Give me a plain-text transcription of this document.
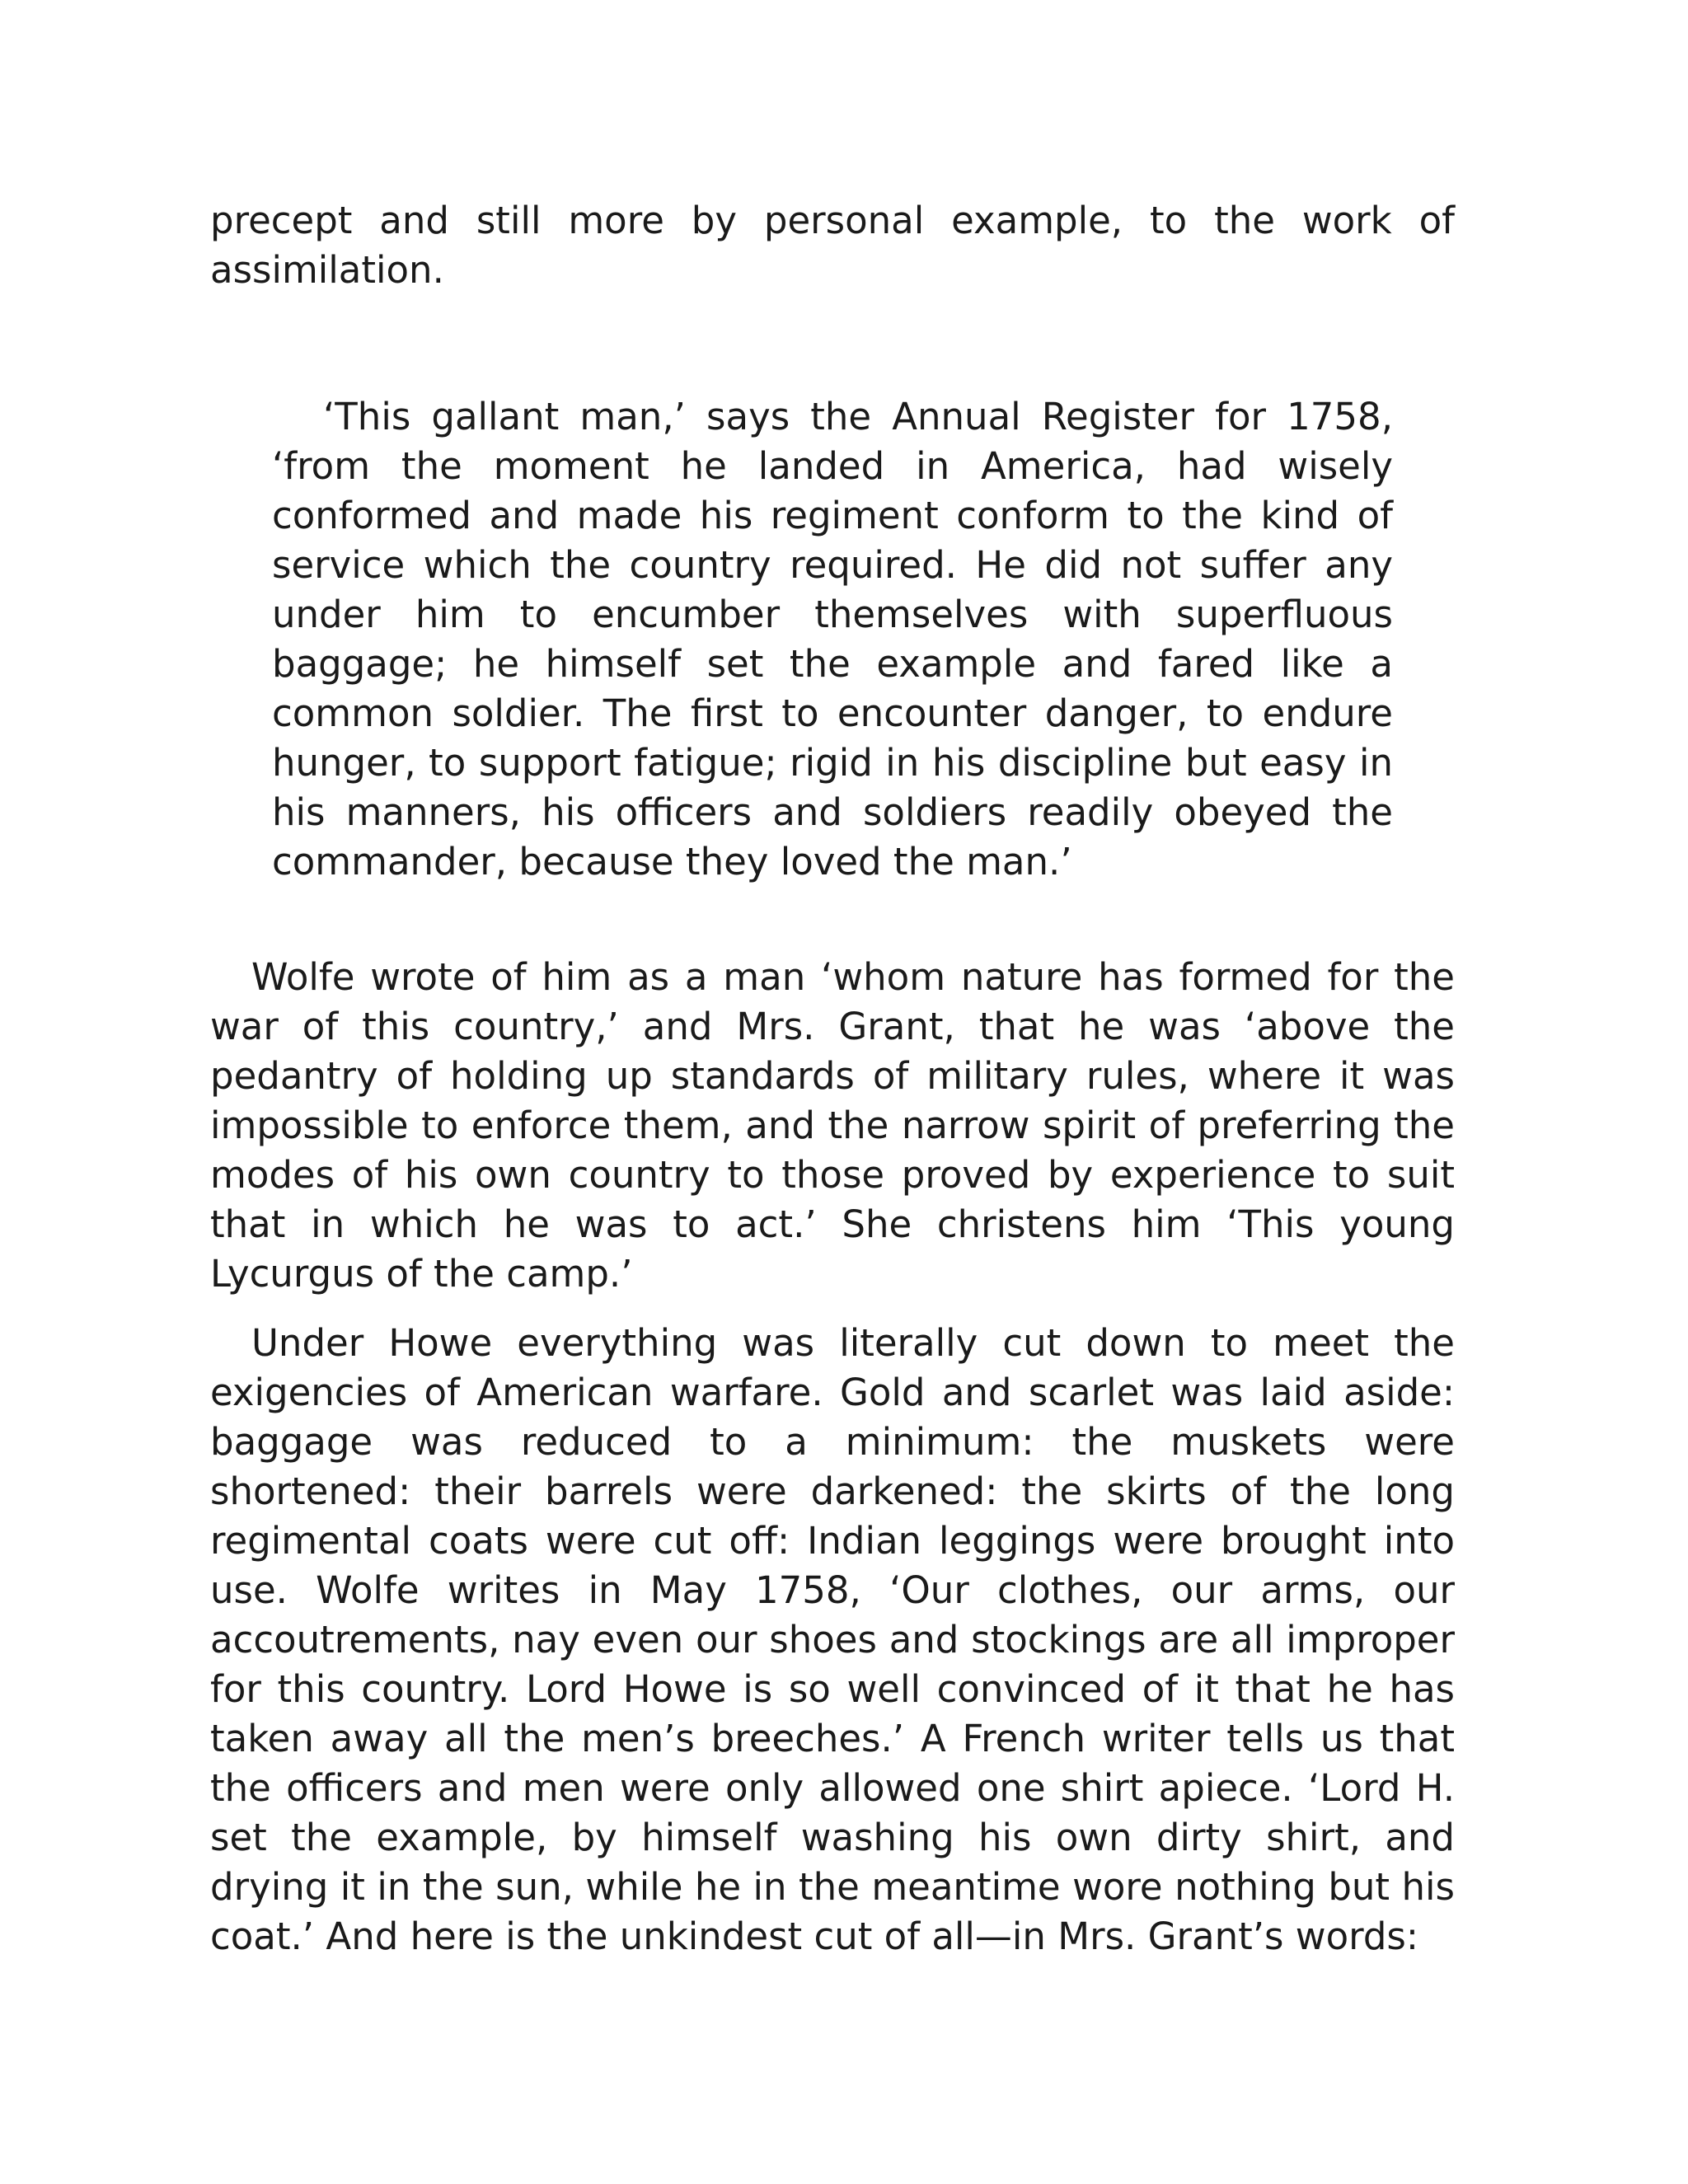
precept and still more by personal example, to the work of assimilation.

‘This gallant man,’ says the Annual Register for 1758, ‘from the moment he landed in America, had wisely conformed and made his regiment conform to the kind of service which the country required. He did not suffer any under him to encumber themselves with superfluous baggage; he himself set the example and fared like a common soldier. The first to encounter danger, to endure hunger, to support fatigue; rigid in his discipline but easy in his manners, his officers and soldiers readily obeyed the commander, because they loved the man.’

Wolfe wrote of him as a man ‘whom nature has formed for the war of this country,’ and Mrs. Grant, that he was ‘above the pedantry of holding up standards of military rules, where it was impossible to enforce them, and the narrow spirit of preferring the modes of his own country to those proved by experience to suit that in which he was to act.’ She christens him ‘This young Lycurgus of the camp.’

Under Howe everything was literally cut down to meet the exigencies of American warfare. Gold and scarlet was laid aside: baggage was reduced to a minimum: the muskets were shortened: their barrels were darkened: the skirts of the long regimental coats were cut off: Indian leggings were brought into use. Wolfe writes in May 1758, ‘Our clothes, our arms, our accoutrements, nay even our shoes and stockings are all improper for this country. Lord Howe is so well convinced of it that he has taken away all the men’s breeches.’ A French writer tells us that the officers and men were only allowed one shirt apiece. ‘Lord H. set the example, by himself washing his own dirty shirt, and drying it in the sun, while he in the meantime wore nothing but his coat.’ And here is the unkindest cut of all—in Mrs. Grant’s words:
